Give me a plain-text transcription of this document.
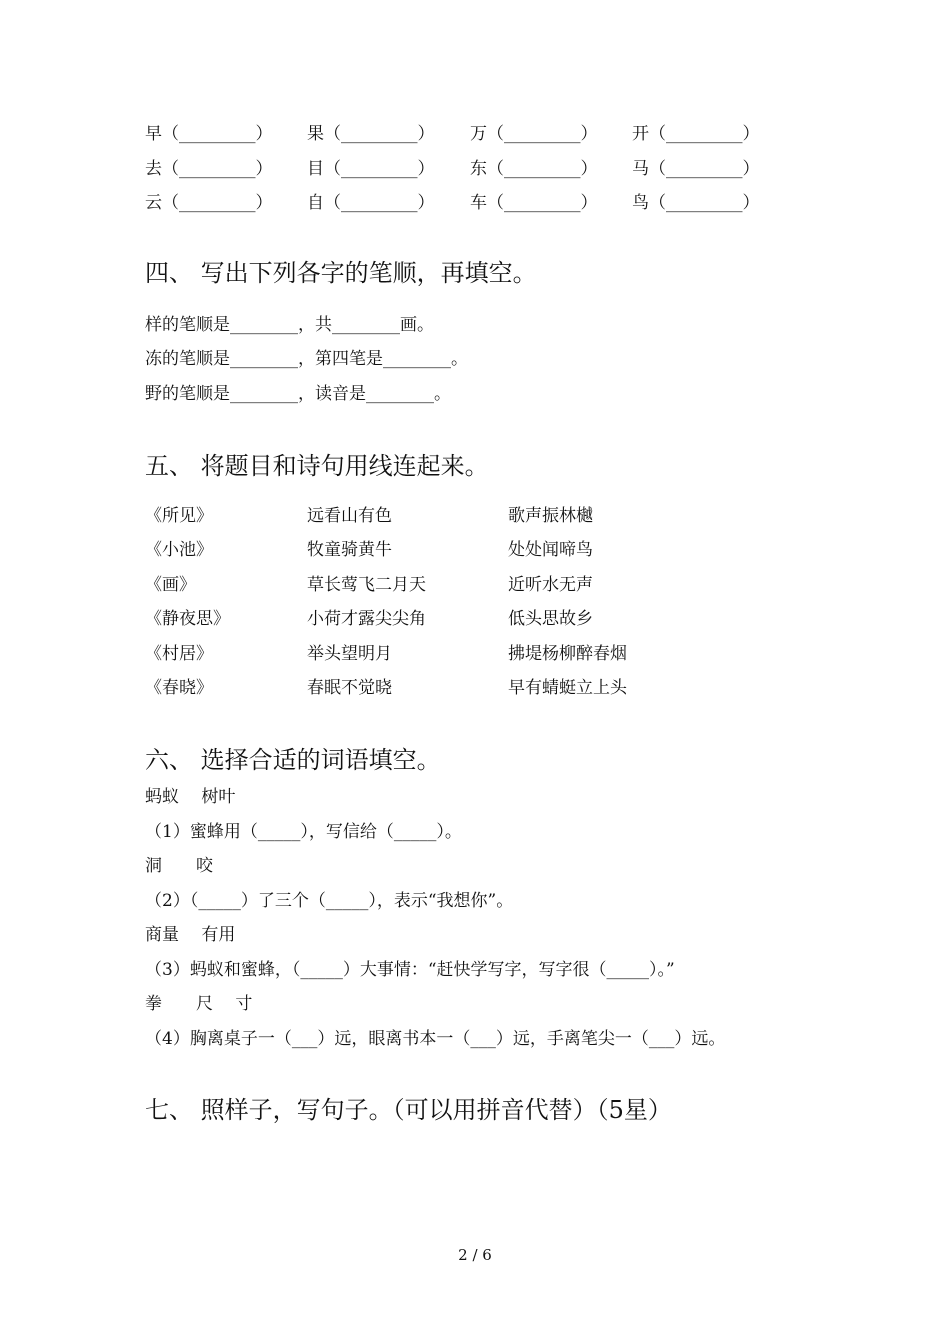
早（_________） 果（_________） 万（_________） 开（_________）
去（_________） 目（_________） 东（_________） 马（_________）
云（_________） 自（_________） 车（_________） 鸟（_________）
四、 写出下列各字的笔顺，再填空。
样的笔顺是________，共________画。
冻的笔顺是________，第四笔是________。
野的笔顺是________，读音是________。
五、 将题目和诗句用线连起来。
《所见》	远看山有色	歌声振林樾
《小池》	牧童骑黄牛	处处闻啼鸟
《画》	草长莺飞二月天	近听水无声
《静夜思》	小荷才露尖尖角	低头思故乡
《村居》	举头望明月	拂堤杨柳醉春烟
《春晓》	春眠不觉晓	早有蜻蜓立上头
六、 选择合适的词语填空。
蚂蚁　 树叶
（1）蜜蜂用（_____），写信给（_____）。
洞　　咬
（2）（_____）了三个（_____），表示“我想你”。
商量　 有用
（3）蚂蚁和蜜蜂，（_____）大事情：“赶快学写字，写字很（_____）。”
拳　　尺　 寸
（4）胸离桌子一（___）远，眼离书本一（___）远，手离笔尖一（___）远。
七、 照样子，写句子。（可以用拼音代替）（5星）
2 / 6
